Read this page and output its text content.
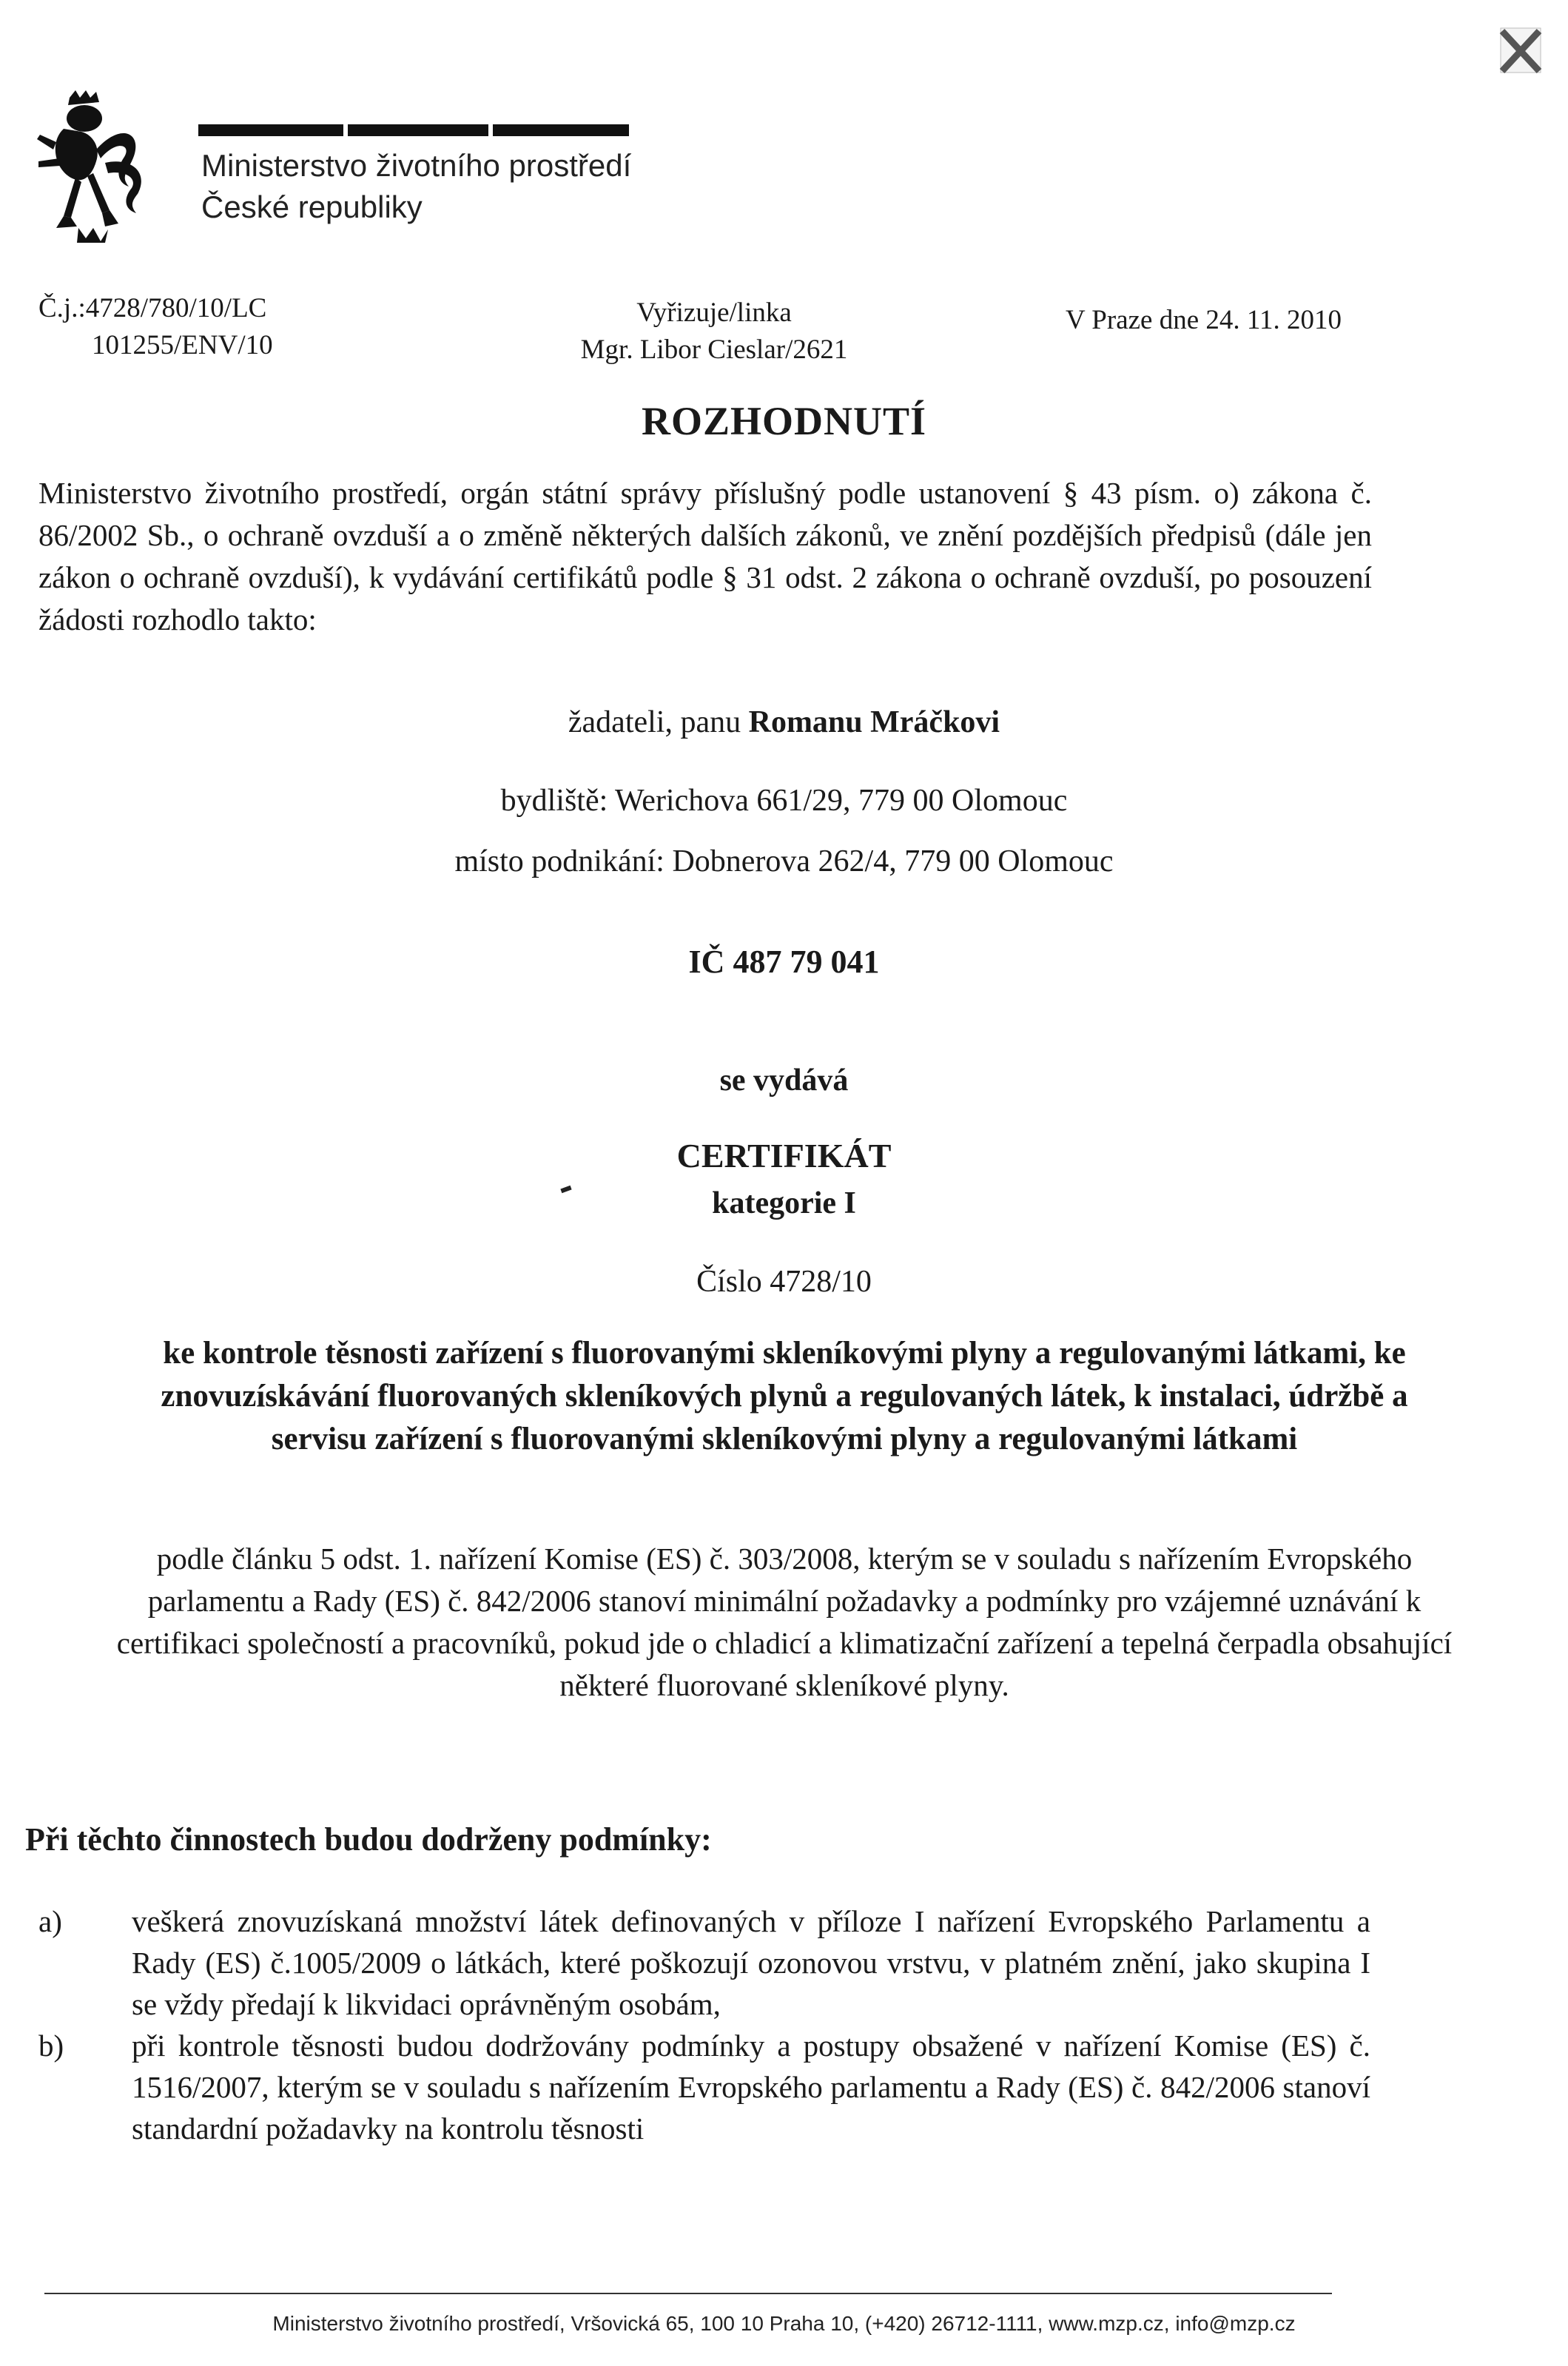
Ministerstvo životního prostředí
České republiky
Č.j.:4728/780/10/LC
101255/ENV/10
Vyřizuje/linka
Mgr. Libor Cieslar/2621
V Praze dne 24. 11. 2010
ROZHODNUTÍ
Ministerstvo životního prostředí, orgán státní správy příslušný podle ustanovení § 43 písm. o) zákona č. 86/2002 Sb., o ochraně ovzduší a o změně některých dalších zákonů, ve znění pozdějších předpisů (dále jen zákon o ochraně ovzduší), k vydávání certifikátů podle § 31 odst. 2 zákona o ochraně ovzduší, po posouzení žádosti rozhodlo takto:
žadateli, panu Romanu Mráčkovi
bydliště: Werichova 661/29, 779 00 Olomouc
místo podnikání: Dobnerova 262/4, 779 00 Olomouc
IČ 487 79 041
se vydává
CERTIFIKÁT
kategorie I
Číslo 4728/10
ke kontrole těsnosti zařízení s fluorovanými skleníkovými plyny a regulovanými látkami, ke znovuzískávání fluorovaných skleníkových plynů a regulovaných látek, k instalaci, údržbě a servisu zařízení s fluorovanými skleníkovými plyny a regulovanými látkami
podle článku 5 odst. 1. nařízení Komise (ES) č. 303/2008, kterým se v souladu s nařízením Evropského parlamentu a Rady (ES) č. 842/2006 stanoví minimální požadavky a podmínky pro vzájemné uznávání k certifikaci společností a pracovníků, pokud jde o chladicí a klimatizační zařízení a tepelná čerpadla obsahující některé fluorované skleníkové plyny.
Při těchto činnostech budou dodrženy podmínky:
a)	veškerá znovuzískaná množství látek definovaných v příloze I nařízení Evropského Parlamentu a Rady (ES) č.1005/2009 o látkách, které poškozují ozonovou vrstvu, v platném znění, jako skupina I se vždy předají k likvidaci oprávněným osobám,
b)	při kontrole těsnosti budou dodržovány podmínky a postupy obsažené v nařízení Komise (ES) č. 1516/2007, kterým se v souladu s nařízením Evropského parlamentu a Rady (ES) č. 842/2006 stanoví standardní požadavky na kontrolu těsnosti
Ministerstvo životního prostředí, Vršovická 65, 100 10 Praha 10, (+420) 26712-1111, www.mzp.cz, info@mzp.cz
